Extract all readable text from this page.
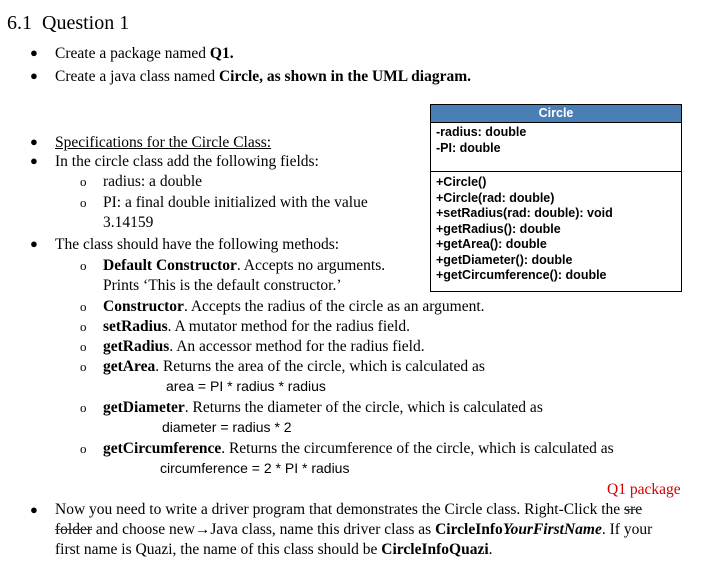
6.1 Question 1
● Create a package named Q1.
● Create a java class named Circle, as shown in the UML diagram.
Circle
-radius: double
-PI: double
+Circle()
+Circle(rad: double)
+setRadius(rad: double): void
+getRadius(): double
+getArea(): double
+getDiameter(): double
+getCircumference(): double
● Specifications for the Circle Class:
● In the circle class add the following fields:
o radius: a double
o PI: a final double initialized with the value
3.14159
● The class should have the following methods:
o Default Constructor. Accepts no arguments.
Prints ‘This is the default constructor.’
o Constructor. Accepts the radius of the circle as an argument.
o setRadius. A mutator method for the radius field.
o getRadius. An accessor method for the radius field.
o getArea. Returns the area of the circle, which is calculated as
area = PI * radius * radius
o getDiameter. Returns the diameter of the circle, which is calculated as
diameter = radius * 2
o getCircumference. Returns the circumference of the circle, which is calculated as
circumference = 2 * PI * radius
Q1 package
● Now you need to write a driver program that demonstrates the Circle class. Right-Click the sre
folder and choose new→Java class, name this driver class as CircleInfoYourFirstName. If your
first name is Quazi, the name of this class should be CircleInfoQuazi.
